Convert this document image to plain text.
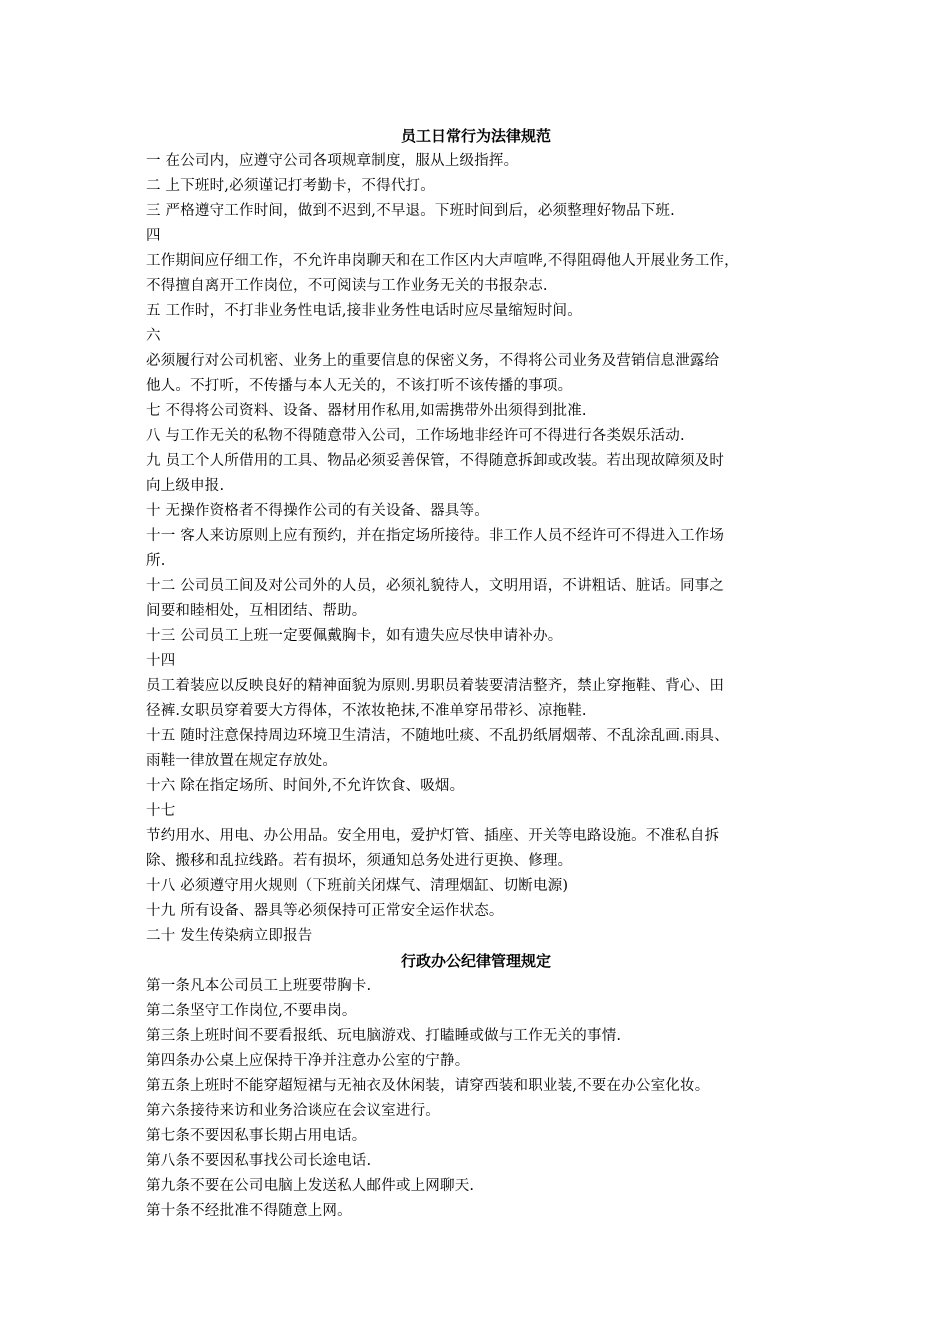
员工日常行为法律规范
一 在公司内，应遵守公司各项规章制度，服从上级指挥。
二 上下班时,必须谨记打考勤卡，不得代打。
三 严格遵守工作时间，做到不迟到,不早退。下班时间到后，必须整理好物品下班.
四
工作期间应仔细工作，不允许串岗聊天和在工作区内大声喧哗,不得阻碍他人开展业务工作，
不得擅自离开工作岗位，不可阅读与工作业务无关的书报杂志.
五 工作时，不打非业务性电话,接非业务性电话时应尽量缩短时间。
六
必须履行对公司机密、业务上的重要信息的保密义务，不得将公司业务及营销信息泄露给
他人。不打听，不传播与本人无关的，不该打听不该传播的事项。
七 不得将公司资料、设备、器材用作私用,如需携带外出须得到批准.
八 与工作无关的私物不得随意带入公司，工作场地非经许可不得进行各类娱乐活动.
九 员工个人所借用的工具、物品必须妥善保管，不得随意拆卸或改装。若出现故障须及时
向上级申报.
十 无操作资格者不得操作公司的有关设备、器具等。
十一 客人来访原则上应有预约，并在指定场所接待。非工作人员不经许可不得进入工作场
所.
十二 公司员工间及对公司外的人员，必须礼貌待人，文明用语，不讲粗话、脏话。同事之
间要和睦相处，互相团结、帮助。
十三 公司员工上班一定要佩戴胸卡，如有遗失应尽快申请补办。
十四
员工着装应以反映良好的精神面貌为原则.男职员着装要清洁整齐，禁止穿拖鞋、背心、田
径裤.女职员穿着要大方得体，不浓妆艳抹,不准单穿吊带衫、凉拖鞋.
十五 随时注意保持周边环境卫生清洁，不随地吐痰、不乱扔纸屑烟蒂、不乱涂乱画.雨具、
雨鞋一律放置在规定存放处。
十六 除在指定场所、时间外,不允许饮食、吸烟。
十七
节约用水、用电、办公用品。安全用电，爱护灯管、插座、开关等电路设施。不准私自拆
除、搬移和乱拉线路。若有损坏，须通知总务处进行更换、修理。
十八 必须遵守用火规则（下班前关闭煤气、清理烟缸、切断电源)
十九 所有设备、器具等必须保持可正常安全运作状态。
二十 发生传染病立即报告
行政办公纪律管理规定
第一条凡本公司员工上班要带胸卡.
第二条坚守工作岗位,不要串岗。
第三条上班时间不要看报纸、玩电脑游戏、打瞌睡或做与工作无关的事情.
第四条办公桌上应保持干净并注意办公室的宁静。
第五条上班时不能穿超短裙与无袖衣及休闲装，请穿西装和职业装,不要在办公室化妆。
第六条接待来访和业务洽谈应在会议室进行。
第七条不要因私事长期占用电话。
第八条不要因私事找公司长途电话.
第九条不要在公司电脑上发送私人邮件或上网聊天.
第十条不经批准不得随意上网。
